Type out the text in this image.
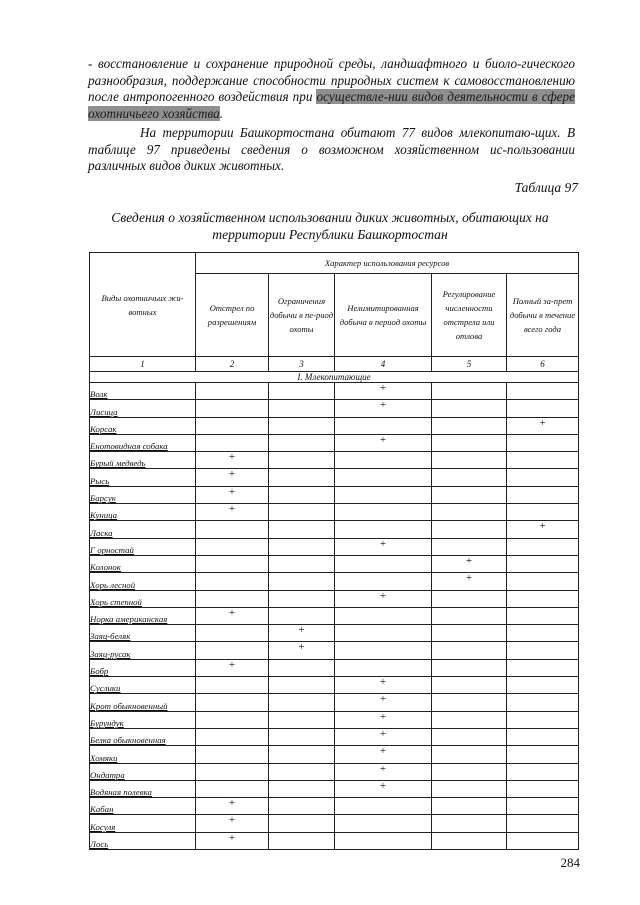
- восстановление и сохранение природной среды, ландшафтного и биоло-гического разнообразия, поддержание способности природных систем к самовосстановлению после антропогенного воздействия при осуществле-нии видов деятельности в сфере охотничьего хозяйства.
На территории Башкортостана обитают 77 видов млекопитаю-щих. В таблице 97 приведены сведения о возможном хозяйственном ис-пользовании различных видов диких животных.
Таблица 97
Сведения о хозяйственном использовании диких животных, обитающих на территории Республики Башкортостан
Виды охотничьих жи-вотных	Характер использования ресурсов				
	Отстрел по разрешениям	Ограничения добычи в пе-риод охоты	Нелимитированная добыча в период охоты	Регулирование численности отстрела или отлова	Полный за-прет добычи в течение всего года
1	2	3	4	5	6
I. Млекопитающие					
Волк			+		
Лисица			+		
Корсак					+
Енотовидная собака			+		
Бурый медведь	+				
Рысь	+				
Барсук	+				
Куница	+				
Ласка					+
Г орностай			+		
Колонок				+	
Хорь лесной				+	
Хорь степной			+		
Норка американская	+				
Заяц-беляк		+			
Заяц-русак		+			
Бобр	+				
Суслики			+		
Крот обыкновенный			+		
Бурундук			+		
Белка обыкновенная			+		
Хомяки			+		
Ондатра			+		
Водяная полевка			+		
Кабан	+				
Косуля	+				
Лось	+				
284
